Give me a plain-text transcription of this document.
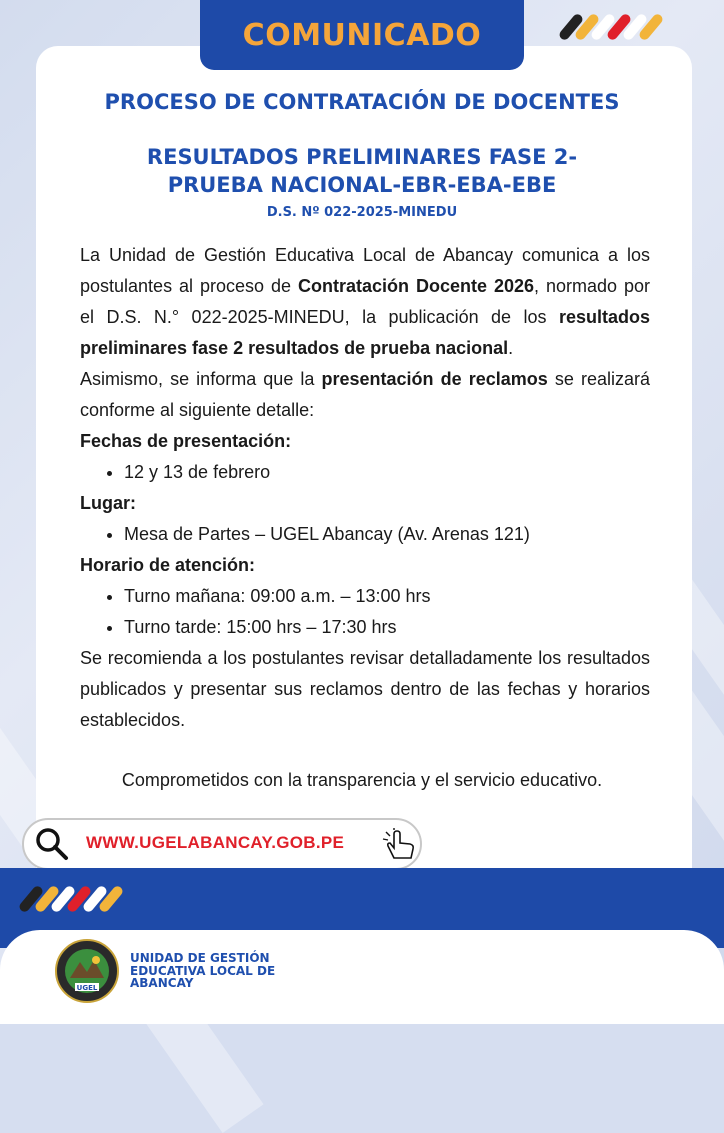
COMUNICADO
PROCESO DE CONTRATACIÓN DE DOCENTES
RESULTADOS PRELIMINARES FASE 2-
PRUEBA NACIONAL-EBR-EBA-EBE
D.S. Nº 022-2025-MINEDU

La Unidad de Gestión Educativa Local de Abancay comunica a los postulantes al proceso de Contratación Docente 2026, normado por el D.S. N.° 022-2025-MINEDU, la publicación de los resultados preliminares fase 2 resultados de prueba nacional.

Asimismo, se informa que la presentación de reclamos se realizará conforme al siguiente detalle:

Fechas de presentación:

• 12 y 13 de febrero

Lugar:

• Mesa de Partes – UGEL Abancay (Av. Arenas 121)

Horario de atención:

• Turno mañana: 09:00 a.m. – 13:00 hrs
• Turno tarde: 15:00 hrs – 17:30 hrs

Se recomienda a los postulantes revisar detalladamente los resultados publicados y presentar sus reclamos dentro de las fechas y horarios establecidos.

Comprometidos con la transparencia y el servicio educativo.
WWW.UGELABANCAY.GOB.PE
UGEL
UNIDAD DE GESTIÓN EDUCATIVA LOCAL DE ABANCAY
